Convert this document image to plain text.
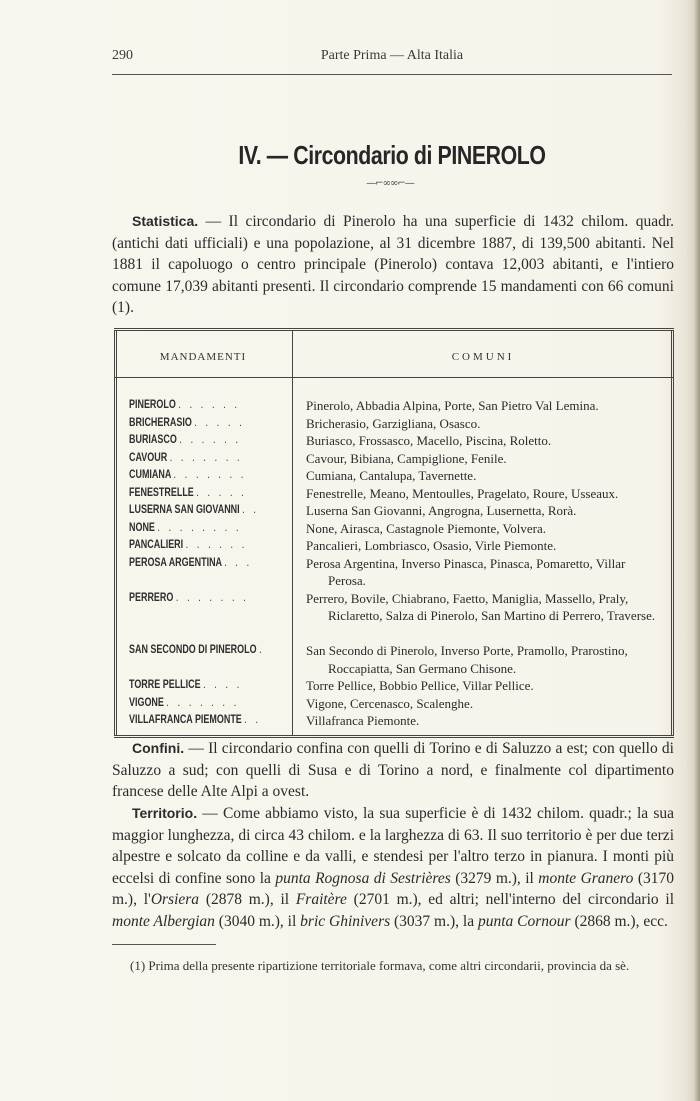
290	Parte Prima — Alta Italia
IV. — Circondario di PINEROLO
—⌐∞∞⌐—
Statistica. — Il circondario di Pinerolo ha una superficie di 1432 chilom. quadr. (antichi dati ufficiali) e una popolazione, al 31 dicembre 1887, di 139,500 abitanti. Nel 1881 il capoluogo o centro principale (Pinerolo) contava 12,003 abitanti, e l'intiero comune 17,039 abitanti presenti. Il circondario comprende 15 mandamenti con 66 comuni (1).
MANDAMENTI	COMUNI
PINEROLO . . . . . .	Pinerolo, Abbadia Alpina, Porte, San Pietro Val Lemina.
BRICHERASIO . . . . .	Bricherasio, Garzigliana, Osasco.
BURIASCO . . . . . .	Buriasco, Frossasco, Macello, Piscina, Roletto.
CAVOUR . . . . . . .	Cavour, Bibiana, Campiglione, Fenile.
CUMIANA . . . . . . .	Cumiana, Cantalupa, Tavernette.
FENESTRELLE . . . . .	Fenestrelle, Meano, Mentoulles, Pragelato, Roure, Usseaux.
LUSERNA SAN GIOVANNI . .	Luserna San Giovanni, Angrogna, Lusernetta, Rorà.
NONE . . . . . . . .	None, Airasca, Castagnole Piemonte, Volvera.
PANCALIERI . . . . . .	Pancalieri, Lombriasco, Osasio, Virle Piemonte.
PEROSA ARGENTINA . . .	Perosa Argentina, Inverso Pinasca, Pinasca, Pomaretto, Villar
Perosa.
PERRERO . . . . . . .	Perrero, Bovile, Chiabrano, Faetto, Maniglia, Massello, Praly,
Riclaretto, Salza di Pinerolo, San Martino di Perrero, Traverse.
SAN SECONDO DI PINEROLO .	San Secondo di Pinerolo, Inverso Porte, Pramollo, Prarostino,
Roccapiatta, San Germano Chisone.
TORRE PELLICE . . . .	Torre Pellice, Bobbio Pellice, Villar Pellice.
VIGONE . . . . . . .	Vigone, Cercenasco, Scalenghe.
VILLAFRANCA PIEMONTE . .	Villafranca Piemonte.
Confini. — Il circondario confina con quelli di Torino e di Saluzzo a est; con quello di Saluzzo a sud; con quelli di Susa e di Torino a nord, e finalmente col dipartimento francese delle Alte Alpi a ovest.
Territorio. — Come abbiamo visto, la sua superficie è di 1432 chilom. quadr.; la sua maggior lunghezza, di circa 43 chilom. e la larghezza di 63. Il suo territorio è per due terzi alpestre e solcato da colline e da valli, e stendesi per l'altro terzo in pianura. I monti più eccelsi di confine sono la punta Rognosa di Sestrières (3279 m.), il monte Granero (3170 m.), l'Orsiera (2878 m.), il Fraitère (2701 m.), ed altri; nell'interno del circondario il monte Albergian (3040 m.), il bric Ghinivers (3037 m.), la punta Cornour (2868 m.), ecc.
(1) Prima della presente ripartizione territoriale formava, come altri circondarii, provincia da sè.
